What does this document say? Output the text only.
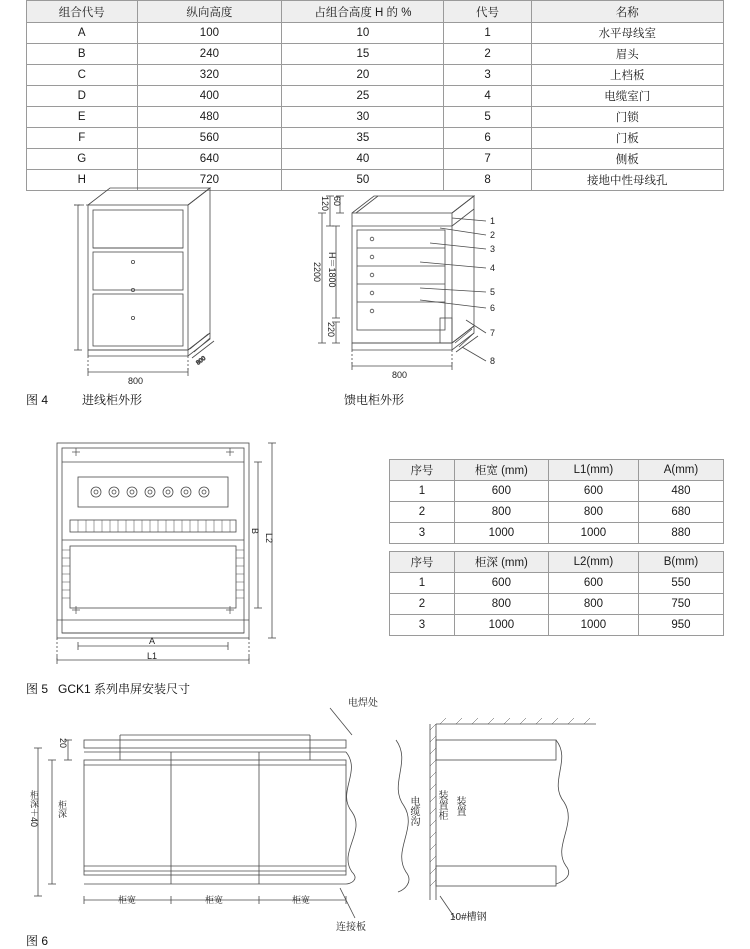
组合代号	纵向高度	占组合高度 H 的 %	代号	名称
A	100	10	1	水平母线室
B	240	15	2	眉头
C	320	20	3	上档板
D	400	25	4	电缆室门
E	480	30	5	门锁
F	560	35	6	门板
G	640	40	7	侧板
H	720	50	8	接地中性母线孔
800
800
60
120
2200 H＝1800
220
800
1
2
3
4
5
6
7
8
图 4	进线柜外形	馈电柜外形
B
L2
A
L1
图 5 GCK1 系列串屏安装尺寸
序号	柜宽 (mm)	L1(mm)	A(mm)
1	600	600	480
2	800	800	680
3	1000	1000	880
序号	柜深 (mm)	L2(mm)	B(mm)
1	600	600	550
2	800	800	750
3	1000	1000	950
20
柜深＋40 柜深
柜宽	柜宽	柜宽
电焊处
连接板
10#槽钢
电缆沟	装置
装置柜
图 6
